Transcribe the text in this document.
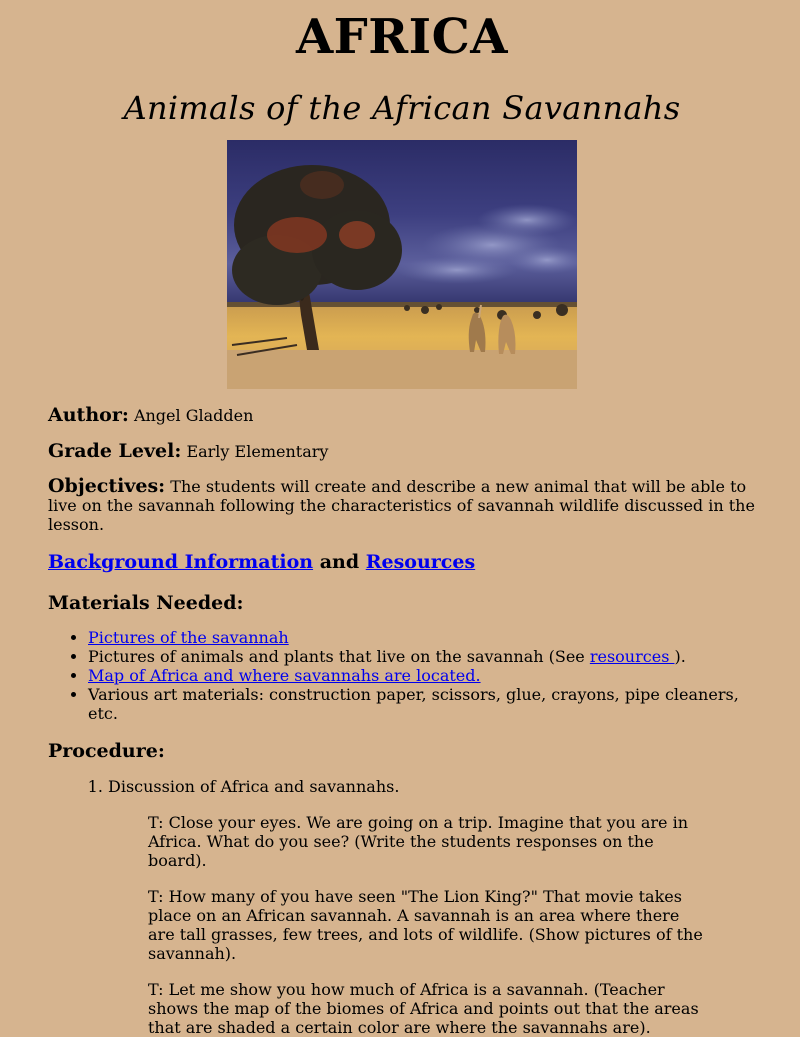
AFRICA
Animals of the African Savannahs

Author: Angel Gladden

Grade Level: Early Elementary

Objectives: The students will create and describe a new animal that will be able to live on the savannah following the characteristics of savannah wildlife discussed in the lesson.

Background Information and Resources

Materials Needed:
• Pictures of the savannah
• Pictures of animals and plants that live on the savannah (See resources ).
• Map of Africa and where savannahs are located.
• Various art materials: construction paper, scissors, glue, crayons, pipe cleaners, etc.
Procedure:
1. Discussion of Africa and savannahs.

T: Close your eyes. We are going on a trip. Imagine that you are in Africa. What do you see? (Write the students responses on the board).

T: How many of you have seen "The Lion King?" That movie takes place on an African savannah. A savannah is an area where there are tall grasses, few trees, and lots of wildlife. (Show pictures of the savannah).

T: Let me show you how much of Africa is a savannah. (Teacher shows the map of the biomes of Africa and points out that the areas that are shaded a certain color are where the savannahs are).
